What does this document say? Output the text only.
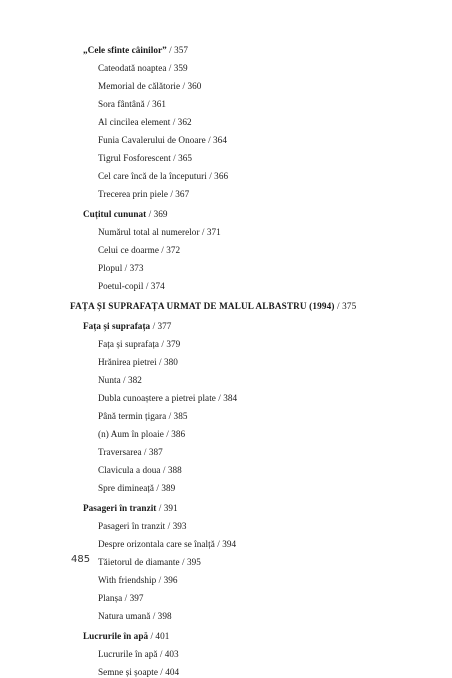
„Cele sfinte câinilor” / 357
Cateodată noaptea / 359
Memorial de călătorie / 360
Sora fântână / 361
Al cincilea element / 362
Funia Cavalerului de Onoare / 364
Tigrul Fosforescent / 365
Cel care încă de la începuturi / 366
Trecerea prin piele / 367
Cuțitul cununat / 369
Numărul total al numerelor / 371
Celui ce doarme / 372
Plopul / 373
Poetul-copil / 374
FAȚA ȘI SUPRAFAȚA URMAT DE MALUL ALBASTRU (1994) / 375
Fața și suprafața / 377
Fața și suprafața / 379
Hrănirea pietrei / 380
Nunta / 382
Dubla cunoaștere a pietrei plate / 384
Până termin țigara / 385
(n) Aum în ploaie / 386
Traversarea / 387
Clavicula a doua / 388
Spre dimineață / 389
Pasageri în tranzit / 391
Pasageri în tranzit / 393
Despre orizontala care se înalță / 394
Tăietorul de diamante / 395
With friendship / 396
Planșa / 397
Natura umană / 398
Lucrurile în apă / 401
Lucrurile în apă / 403
Semne și șoapte / 404
485
